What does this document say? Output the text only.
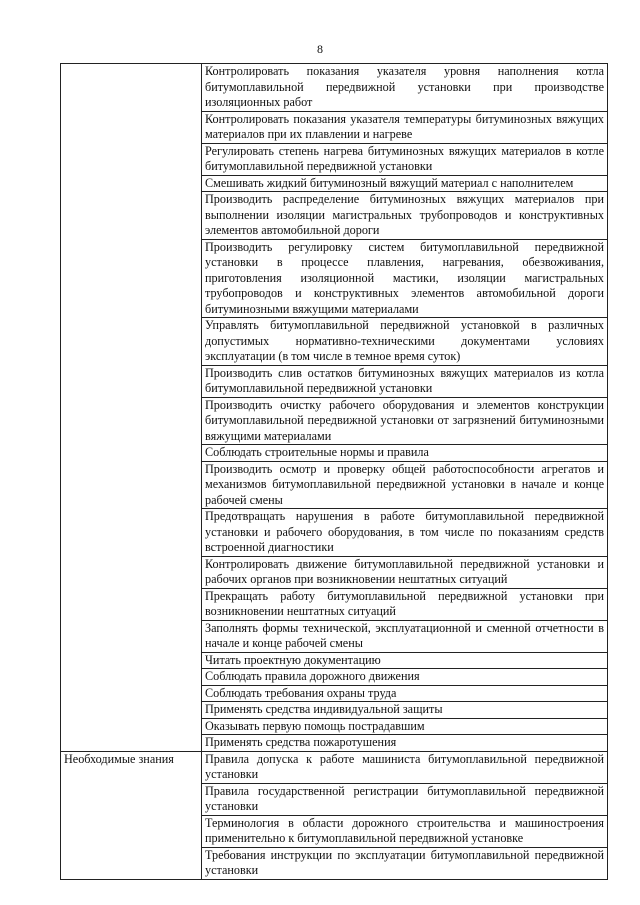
8
	Контролировать показания указателя уровня наполнения котла битумоплавильной передвижной установки при производстве изоляционных работ
	Контролировать показания указателя температуры битуминозных вяжущих материалов при их плавлении и нагреве
	Регулировать степень нагрева битуминозных вяжущих материалов в котле битумоплавильной передвижной установки
	Смешивать жидкий битуминозный вяжущий материал с наполнителем
	Производить распределение битуминозных вяжущих материалов при выполнении изоляции магистральных трубопроводов и конструктивных элементов автомобильной дороги
	Производить регулировку систем битумоплавильной передвижной установки в процессе плавления, нагревания, обезвоживания, приготовления изоляционной мастики, изоляции магистральных трубопроводов и конструктивных элементов автомобильной дороги битуминозными вяжущими материалами
	Управлять битумоплавильной передвижной установкой в различных допустимых нормативно-техническими документами условиях эксплуатации (в том числе в темное время суток)
	Производить слив остатков битуминозных вяжущих материалов из котла битумоплавильной передвижной установки
	Производить очистку рабочего оборудования и элементов конструкции битумоплавильной передвижной установки от загрязнений битуминозными вяжущими материалами
	Соблюдать строительные нормы и правила
	Производить осмотр и проверку общей работоспособности агрегатов и механизмов битумоплавильной передвижной установки в начале и конце рабочей смены
	Предотвращать нарушения в работе битумоплавильной передвижной установки и рабочего оборудования, в том числе по показаниям средств встроенной диагностики
	Контролировать движение битумоплавильной передвижной установки и рабочих органов при возникновении нештатных ситуаций
	Прекращать работу битумоплавильной передвижной установки при возникновении нештатных ситуаций
	Заполнять формы технической, эксплуатационной и сменной отчетности в начале и конце рабочей смены
	Читать проектную документацию
	Соблюдать правила дорожного движения
	Соблюдать требования охраны труда
	Применять средства индивидуальной защиты
	Оказывать первую помощь пострадавшим
	Применять средства пожаротушения
Необходимые знания	Правила допуска к работе машиниста битумоплавильной передвижной установки
	Правила государственной регистрации битумоплавильной передвижной установки
	Терминология в области дорожного строительства и машиностроения применительно к битумоплавильной передвижной установке
	Требования инструкции по эксплуатации битумоплавильной передвижной установки
